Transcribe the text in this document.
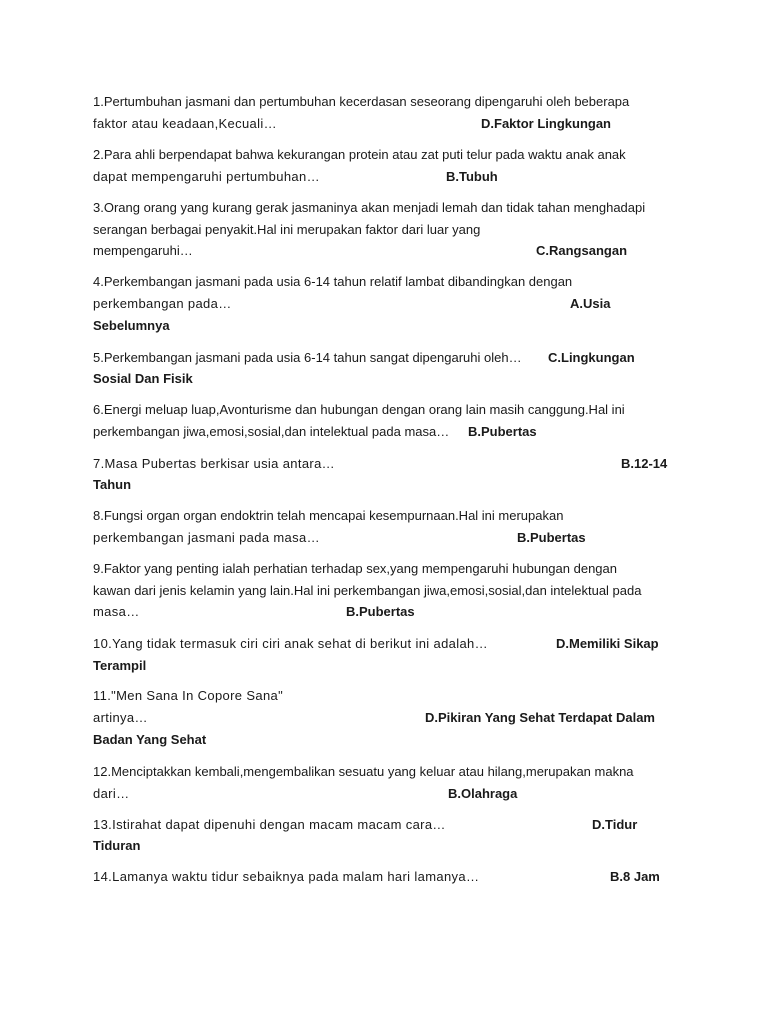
1.Pertumbuhan jasmani dan pertumbuhan kecerdasan seseorang dipengaruhi oleh beberapa
faktor atau keadaan,Kecuali…	D.Faktor Lingkungan
2.Para ahli berpendapat bahwa kekurangan protein atau zat puti telur pada waktu anak anak
dapat mempengaruhi pertumbuhan…	B.Tubuh
3.Orang orang yang kurang gerak jasmaninya akan menjadi lemah dan tidak tahan menghadapi
serangan berbagai penyakit.Hal ini merupakan faktor dari luar yang
mempengaruhi…	C.Rangsangan
4.Perkembangan jasmani pada usia 6-14 tahun relatif lambat dibandingkan dengan
perkembangan pada…	A.Usia
Sebelumnya
5.Perkembangan jasmani pada usia 6-14 tahun sangat dipengaruhi oleh… C.Lingkungan
Sosial Dan Fisik
6.Energi meluap luap,Avonturisme dan hubungan dengan orang lain masih canggung.Hal ini
perkembangan jiwa,emosi,sosial,dan intelektual pada masa… B.Pubertas
7.Masa Pubertas berkisar usia antara…	B.12-14
Tahun
8.Fungsi organ organ endoktrin telah mencapai kesempurnaan.Hal ini merupakan
perkembangan jasmani pada masa…	B.Pubertas
9.Faktor yang penting ialah perhatian terhadap sex,yang mempengaruhi hubungan dengan
kawan dari jenis kelamin yang lain.Hal ini perkembangan jiwa,emosi,sosial,dan intelektual pada
masa…	B.Pubertas
10.Yang tidak termasuk ciri ciri anak sehat di berikut ini adalah…	D.Memiliki Sikap
Terampil
11."Men Sana In Copore Sana"
artinya…	D.Pikiran Yang Sehat Terdapat Dalam
Badan Yang Sehat
12.Menciptakkan kembali,mengembalikan sesuatu yang keluar atau hilang,merupakan makna
dari…	B.Olahraga
13.Istirahat dapat dipenuhi dengan macam macam cara…	D.Tidur
Tiduran
14.Lamanya waktu tidur sebaiknya pada malam hari lamanya…	B.8 Jam
